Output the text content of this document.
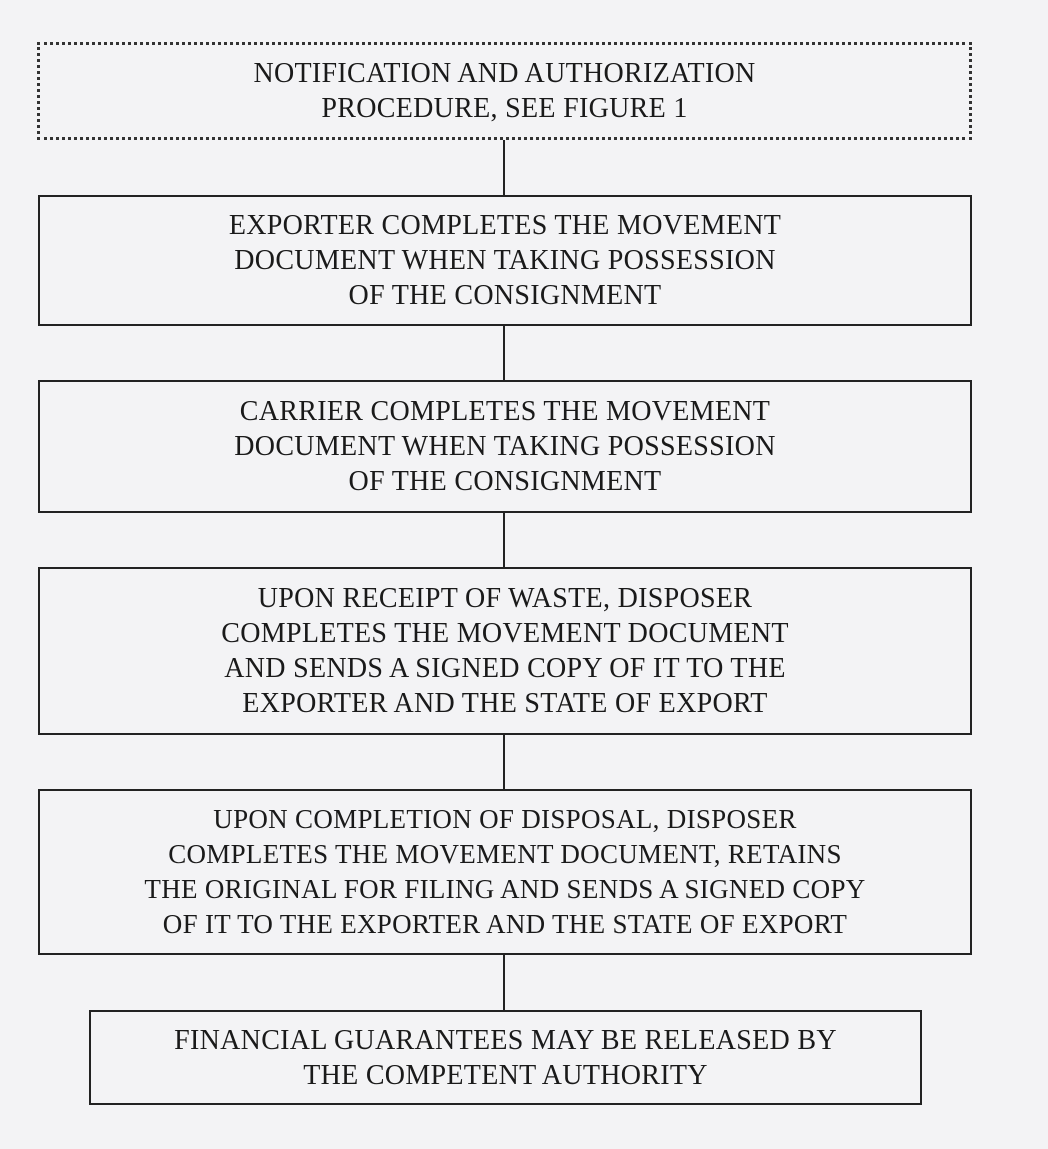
NOTIFICATION AND AUTHORIZATION
PROCEDURE, SEE FIGURE 1
EXPORTER COMPLETES THE MOVEMENT
DOCUMENT WHEN TAKING POSSESSION
OF THE CONSIGNMENT
CARRIER COMPLETES THE MOVEMENT
DOCUMENT WHEN TAKING POSSESSION
OF THE CONSIGNMENT
UPON RECEIPT OF WASTE, DISPOSER
COMPLETES THE MOVEMENT DOCUMENT
AND SENDS A SIGNED COPY OF IT TO THE
EXPORTER AND THE STATE OF EXPORT
UPON COMPLETION OF DISPOSAL, DISPOSER
COMPLETES THE MOVEMENT DOCUMENT, RETAINS
THE ORIGINAL FOR FILING AND SENDS A SIGNED COPY
OF IT TO THE EXPORTER AND THE STATE OF EXPORT
FINANCIAL GUARANTEES MAY BE RELEASED BY
THE COMPETENT AUTHORITY
